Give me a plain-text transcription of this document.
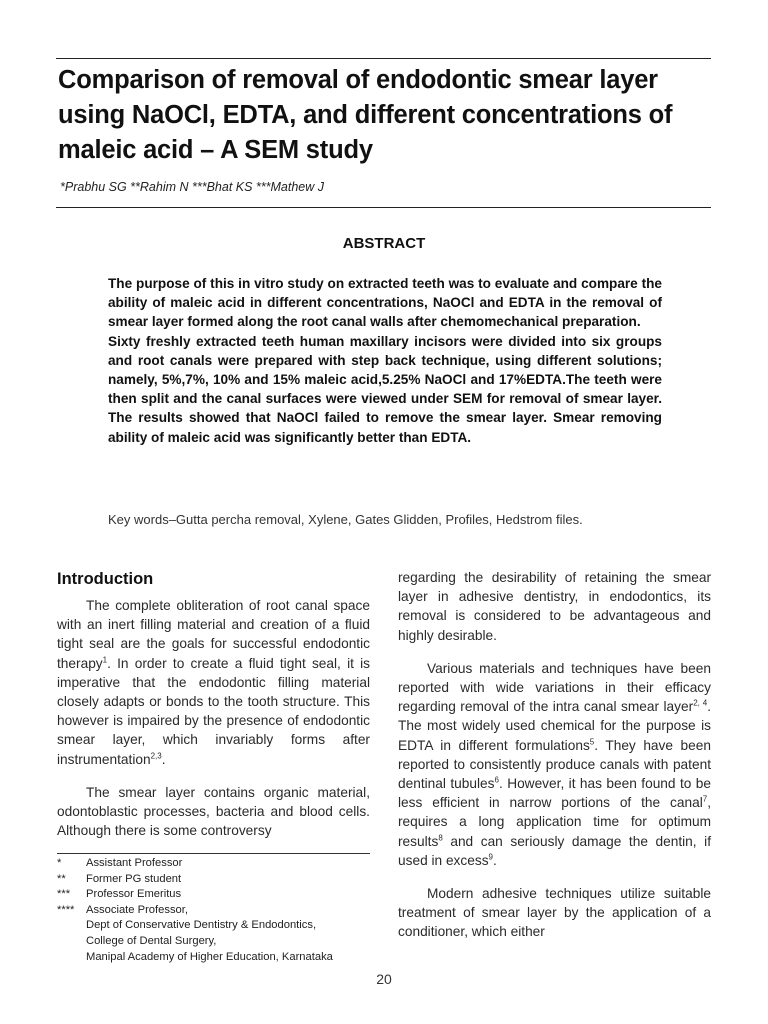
Comparison of removal of endodontic smear layer using NaOCl, EDTA, and different concentrations of maleic acid – A SEM study
*Prabhu SG **Rahim N ***Bhat KS ***Mathew J
ABSTRACT

The purpose of this in vitro study on extracted teeth was to evaluate and compare the ability of maleic acid in different concentrations, NaOCl and EDTA in the removal of smear layer formed along the root canal walls after chemomechanical preparation.

Sixty freshly extracted teeth human maxillary incisors were divided into six groups and root canals were prepared with step back technique, using different solutions; namely, 5%,7%, 10% and 15% maleic acid,5.25% NaOCl and 17%EDTA.The teeth were then split and the canal surfaces were viewed under SEM for removal of smear layer. The results showed that NaOCl failed to remove the smear layer. Smear removing ability of maleic acid was significantly better than EDTA.

Key words–Gutta percha removal, Xylene, Gates Glidden, Profiles, Hedstrom files.
Introduction

The complete obliteration of root canal space with an inert filling material and creation of a fluid tight seal are the goals for successful endodontic therapy$^1$. In order to create a fluid tight seal, it is imperative that the endodontic filling material closely adapts or bonds to the tooth structure. This however is impaired by the presence of endodontic smear layer, which invariably forms after instrumentation$^{2,3}$.

The smear layer contains organic material, odontoblastic processes, bacteria and blood cells. Although there is some controversy

*	Assistant Professor
**	Former PG student
***	Professor Emeritus
****	Associate Professor,
Dept of Conservative Dentistry & Endodontics,
College of Dental Surgery,
Manipal Academy of Higher Education, Karnataka

regarding the desirability of retaining the smear layer in adhesive dentistry, in endodontics, its removal is considered to be advantageous and highly desirable.

Various materials and techniques have been reported with wide variations in their efficacy regarding removal of the intra canal smear layer$^{2, 4}$. The most widely used chemical for the purpose is EDTA in different formulations$^5$. They have been reported to consistently produce canals with patent dentinal tubules$^6$. However, it has been found to be less efficient in narrow portions of the canal$^7$, requires a long application time for optimum results$^8$ and can seriously damage the dentin, if used in excess$^9$.

Modern adhesive techniques utilize suitable treatment of smear layer by the application of a conditioner, which either

20
